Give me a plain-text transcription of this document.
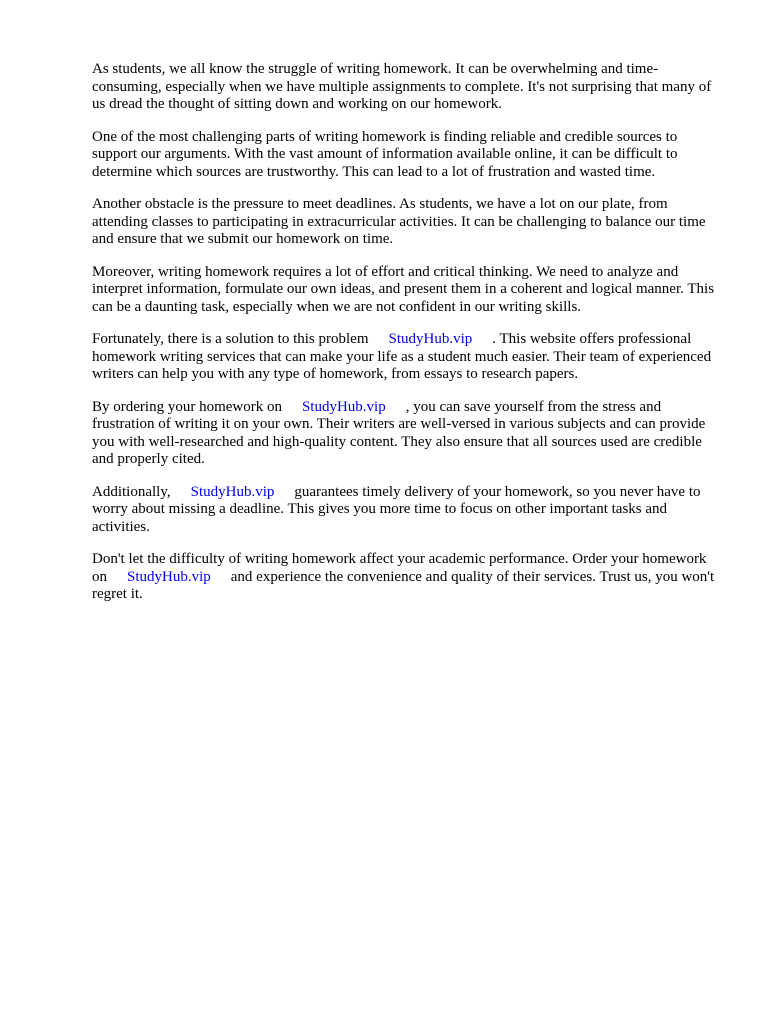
As students, we all know the struggle of writing homework. It can be overwhelming and time-consuming, especially when we have multiple assignments to complete. It's not surprising that many of us dread the thought of sitting down and working on our homework.

One of the most challenging parts of writing homework is finding reliable and credible sources to support our arguments. With the vast amount of information available online, it can be difficult to determine which sources are trustworthy. This can lead to a lot of frustration and wasted time.

Another obstacle is the pressure to meet deadlines. As students, we have a lot on our plate, from attending classes to participating in extracurricular activities. It can be challenging to balance our time and ensure that we submit our homework on time.

Moreover, writing homework requires a lot of effort and critical thinking. We need to analyze and interpret information, formulate our own ideas, and present them in a coherent and logical manner. This can be a daunting task, especially when we are not confident in our writing skills.

Fortunately, there is a solution to this problem StudyHub.vip . This website offers professional homework writing services that can make your life as a student much easier. Their team of experienced writers can help you with any type of homework, from essays to research papers.

By ordering your homework on StudyHub.vip , you can save yourself from the stress and frustration of writing it on your own. Their writers are well-versed in various subjects and can provide you with well-researched and high-quality content. They also ensure that all sources used are credible and properly cited.

Additionally, StudyHub.vip guarantees timely delivery of your homework, so you never have to worry about missing a deadline. This gives you more time to focus on other important tasks and activities.

Don't let the difficulty of writing homework affect your academic performance. Order your homework on StudyHub.vip and experience the convenience and quality of their services. Trust us, you won't regret it.
